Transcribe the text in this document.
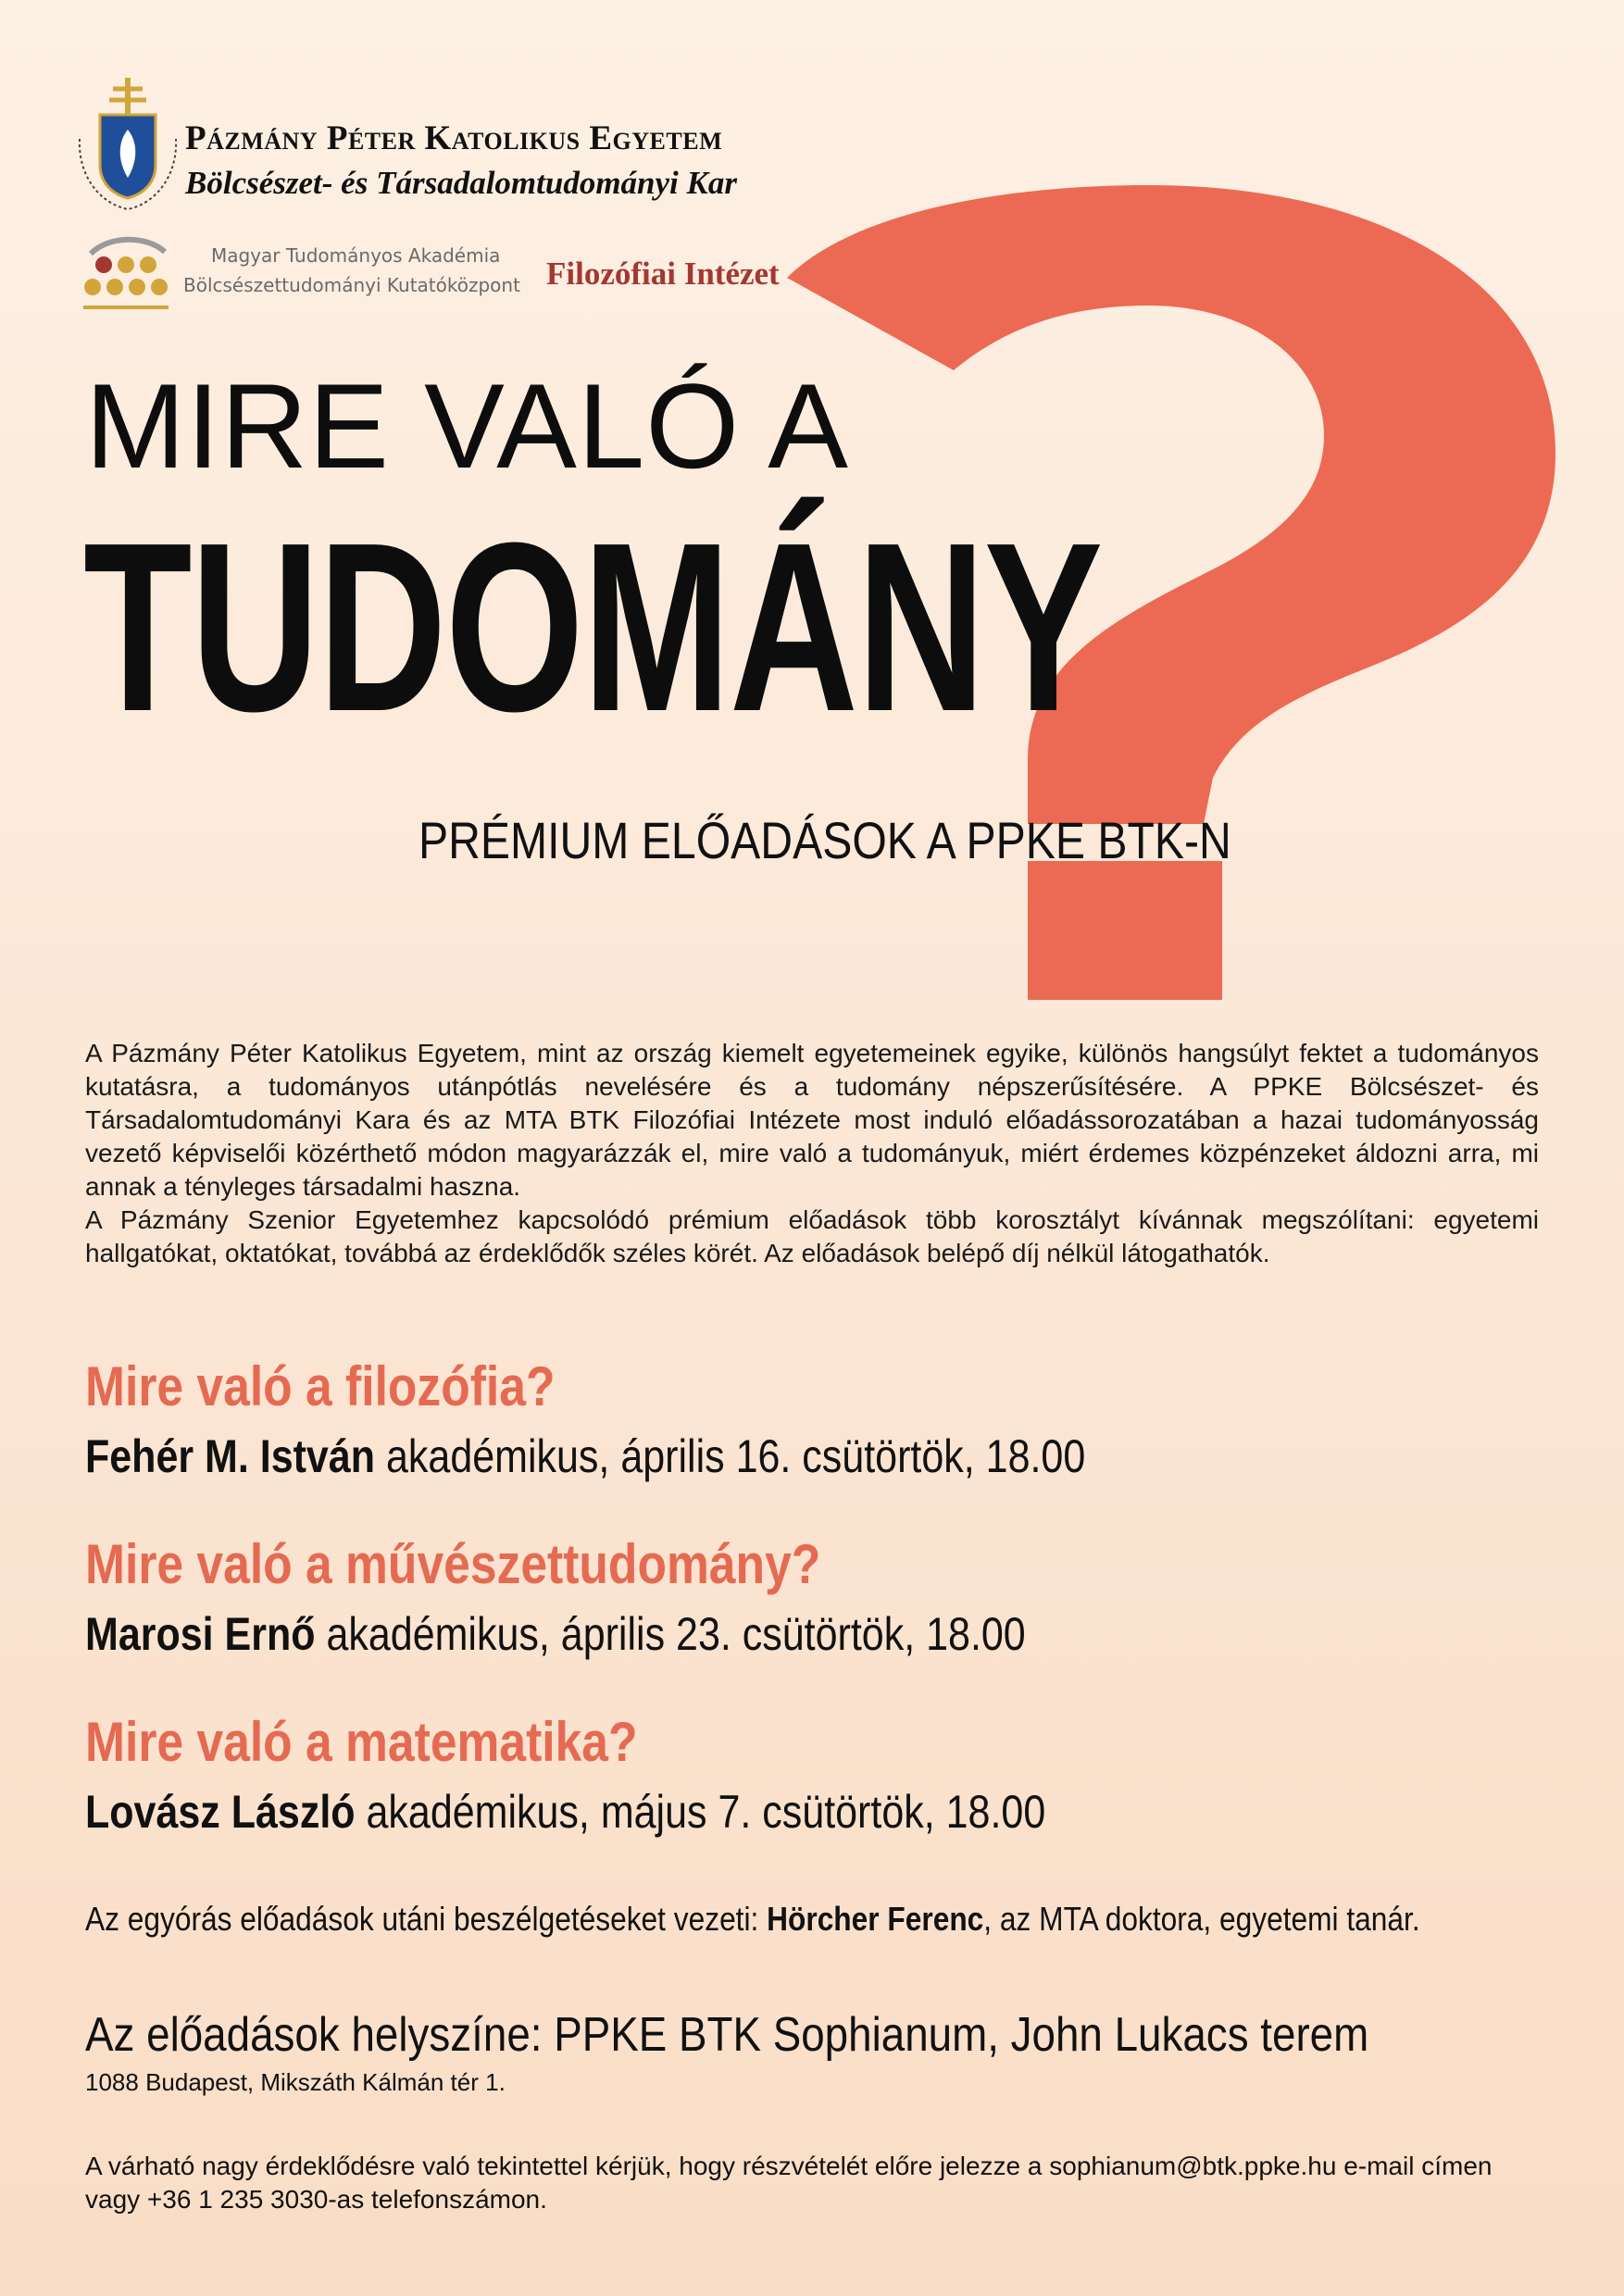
Pázmány Péter Katolikus Egyetem
Bölcsészet- és Társadalomtudományi Kar
Magyar Tudományos Akadémia
Bölcsészettudományi Kutatóközpont Filozófiai Intézet
MIRE VALÓ A
TUDOMÁNY
PRÉMIUM ELŐADÁSOK A PPKE BTK-N

A Pázmány Péter Katolikus Egyetem, mint az ország kiemelt egyetemeinek egyike, különös hangsúlyt fektet a tudományos kutatásra, a tudományos utánpótlás nevelésére és a tudomány népszerűsítésére. A PPKE Bölcsészet- és Társadalomtudományi Kara és az MTA BTK Filozófiai Intézete most induló előadássorozatában a hazai tudományosság vezető képviselői közérthető módon magyarázzák el, mire való a tudományuk, miért érdemes közpénzeket áldozni arra, mi annak a tényleges társadalmi haszna.

A Pázmány Szenior Egyetemhez kapcsolódó prémium előadások több korosztályt kívánnak megszólítani: egyetemi hallgatókat, oktatókat, továbbá az érdeklődők széles körét. Az előadások belépő díj nélkül látogathatók.

Mire való a filozófia?
Fehér M. István akadémikus, április 16. csütörtök, 18.00
Mire való a művészettudomány?
Marosi Ernő akadémikus, április 23. csütörtök, 18.00
Mire való a matematika?
Lovász László akadémikus, május 7. csütörtök, 18.00
Az egyórás előadások utáni beszélgetéseket vezeti: Hörcher Ferenc, az MTA doktora, egyetemi tanár.
Az előadások helyszíne: PPKE BTK Sophianum, John Lukacs terem
1088 Budapest, Mikszáth Kálmán tér 1.
A várható nagy érdeklődésre való tekintettel kérjük, hogy részvételét előre jelezze a sophianum@btk.ppke.hu e-mail címen vagy +36 1 235 3030-as telefonszámon.
